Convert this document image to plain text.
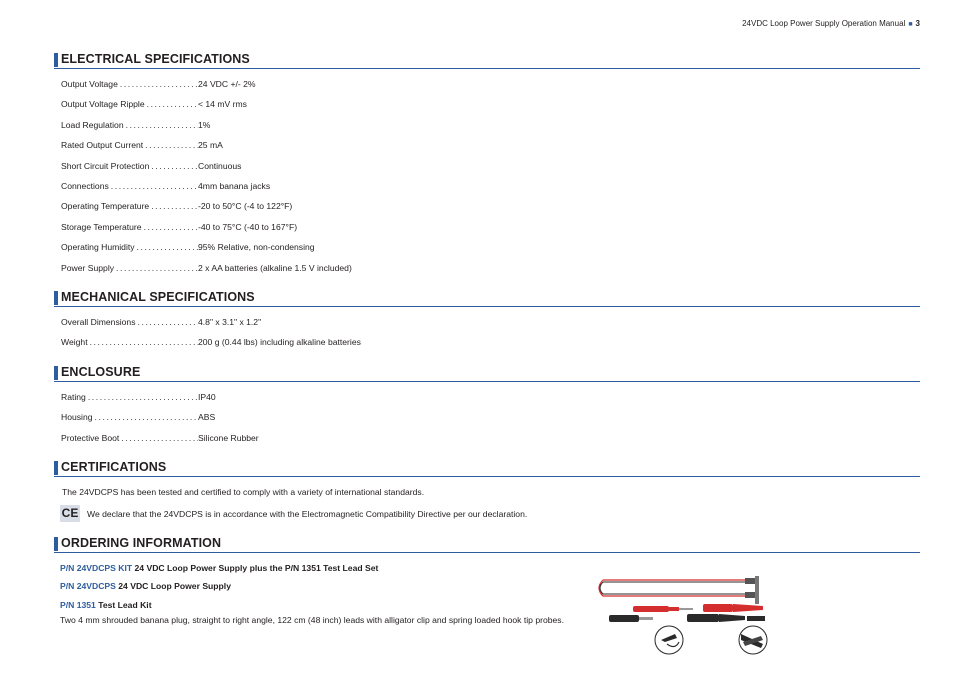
24VDC Loop Power Supply Operation Manual ■ 3
ELECTRICAL SPECIFICATIONS
Output Voltage . . .	24 VDC +/- 2%
Output Voltage Ripple . . .	< 14 mV rms
Load Regulation . . .	1%
Rated Output Current . . .	25 mA
Short Circuit Protection . . .	Continuous
Connections . . .	4mm banana jacks
Operating Temperature . . .	-20 to 50°C (-4 to 122°F)
Storage Temperature . . .	-40 to 75°C (-40 to 167°F)
Operating Humidity . . .	95% Relative, non-condensing
Power Supply . . .	2 x AA batteries (alkaline 1.5 V included)
MECHANICAL SPECIFICATIONS
Overall Dimensions . . .	4.8" x 3.1" x 1.2"
Weight . . .	200 g (0.44 lbs) including alkaline batteries
ENCLOSURE
Rating . . .	IP40
Housing . . .	ABS
Protective Boot . . .	Silicone Rubber
CERTIFICATIONS
The 24VDCPS has been tested and certified to comply with a variety of international standards.
CE We declare that the 24VDCPS is in accordance with the Electromagnetic Compatibility Directive per our declaration.
ORDERING INFORMATION
P/N 24VDCPS KIT 24 VDC Loop Power Supply plus the P/N 1351 Test Lead Set
P/N 24VDCPS 24 VDC Loop Power Supply
P/N 1351 Test Lead Kit
Two 4 mm shrouded banana plug, straight to right angle, 122 cm (48 inch) leads with alligator clip and spring loaded hook tip probes.
